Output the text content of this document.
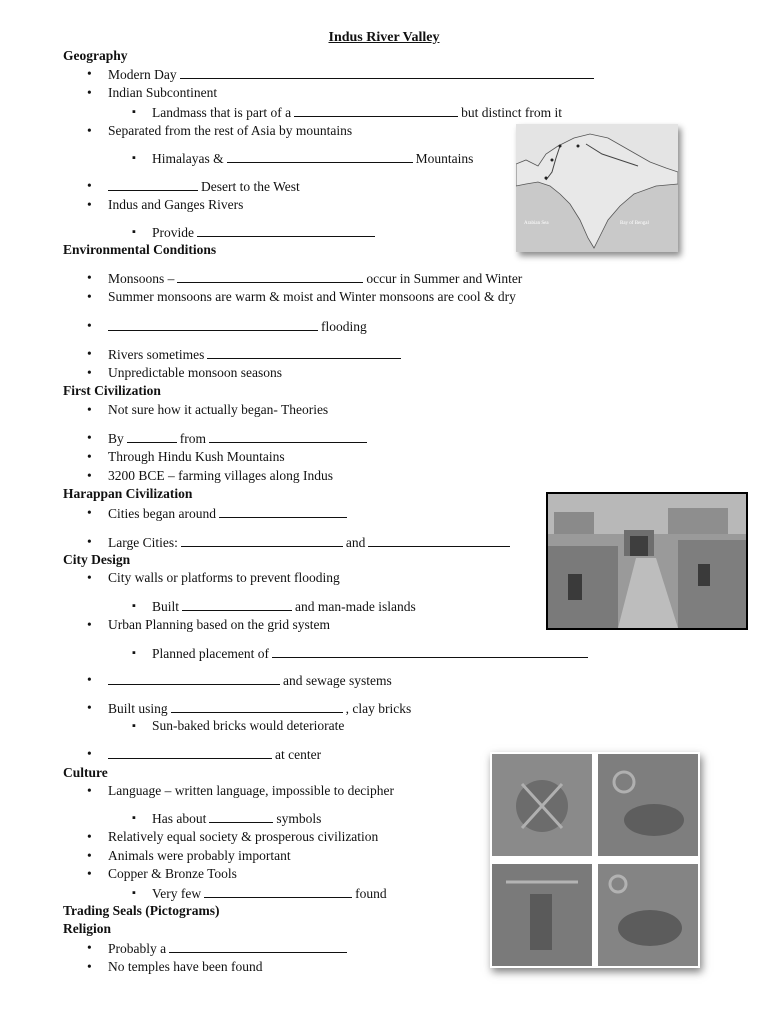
Indus River Valley
Geography
• Modern Day
• Indian Subcontinent
▪ Landmass that is part of a	but distinct from it
• Separated from the rest of Asia by mountains
▪ Himalayas &	Mountains
• Desert to the West
• Indus and Ganges Rivers
▪ Provide
Environmental Conditions
• Monsoons –	occur in Summer and Winter
• Summer monsoons are warm & moist and Winter monsoons are cool & dry
• flooding
• Rivers sometimes
• Unpredictable monsoon seasons
First Civilization
• Not sure how it actually began- Theories
• By	from
• Through Hindu Kush Mountains
• 3200 BCE – farming villages along Indus
Harappan Civilization
• Cities began around
• Large Cities:	and
City Design
• City walls or platforms to prevent flooding
▪ Built	and man-made islands
• Urban Planning based on the grid system
▪ Planned placement of
• and sewage systems
• Built using	, clay bricks
▪ Sun-baked bricks would deteriorate
• at center
Culture
• Language – written language, impossible to decipher
▪ Has about	symbols
• Relatively equal society & prosperous civilization
• Animals were probably important
• Copper & Bronze Tools
▪ Very few	found
Trading Seals (Pictograms)
Religion
• Probably a
• No temples have been found
Arabian Sea	Bay of Bengal
